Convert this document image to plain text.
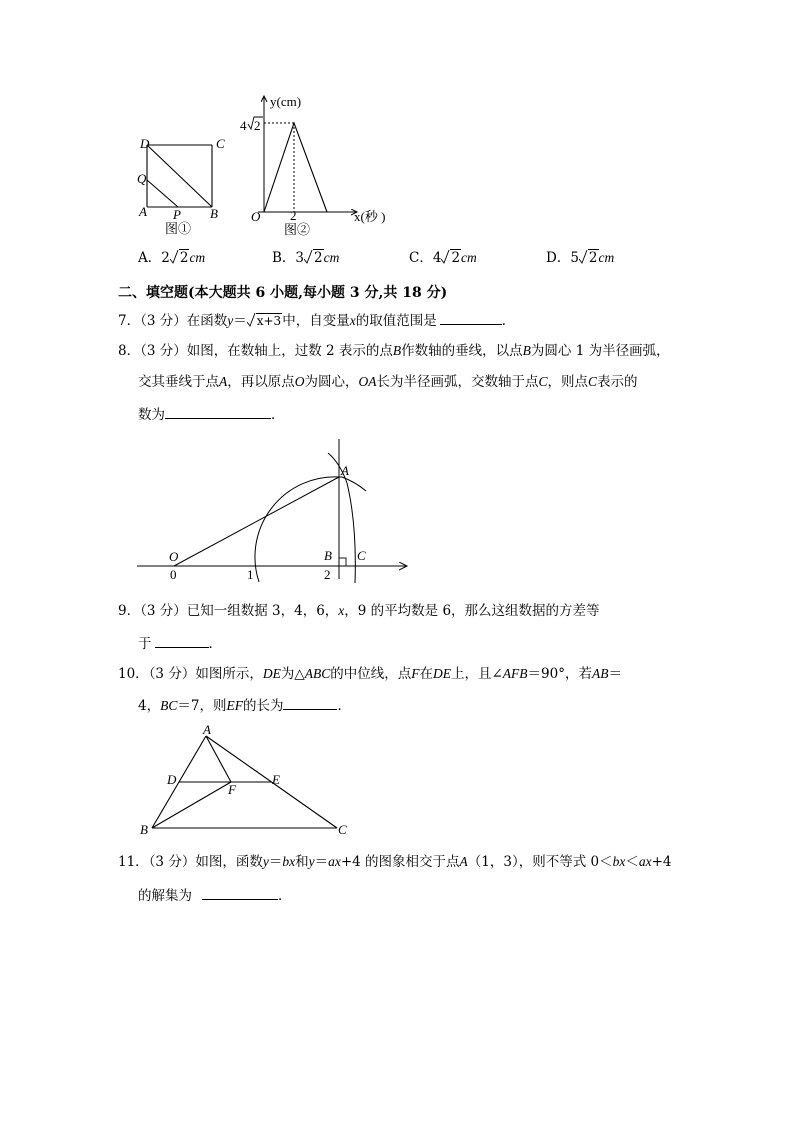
D	C
Q
A P B
图①
y(cm)
4 2
O 2	x(秒 )
图②
A．2 2cm	B．3 2cm	C．4 2cm	D．5 2cm
二、填空题(本大题共 6 小题,每小题 3 分,共 18 分)
7．（3 分）在函数y＝ x+3中，自变量x的取值范围是	．
8．（3 分）如图，在数轴上，过数 2 表示的点B作数轴的垂线，以点B为圆心 1 为半径画弧，
交其垂线于点A，再以原点O为圆心，OA长为半径画弧，交数轴于点C，则点C表示的
数为	．
O
A
B C
0	1	2
9．（3 分）已知一组数据 3，4，6，x，9 的平均数是 6，那么这组数据的方差等
于	．
10．（3 分）如图所示，DE为△ABC的中位线，点F在DE上，且∠AFB＝90°，若AB＝
4，BC＝7，则EF的长为	．
A
D	E
F
B	C
11．（3 分）如图，函数y＝bx和y＝ax+4 的图象相交于点A（1，3），则不等式 0＜bx＜ax+4
的解集为	．
